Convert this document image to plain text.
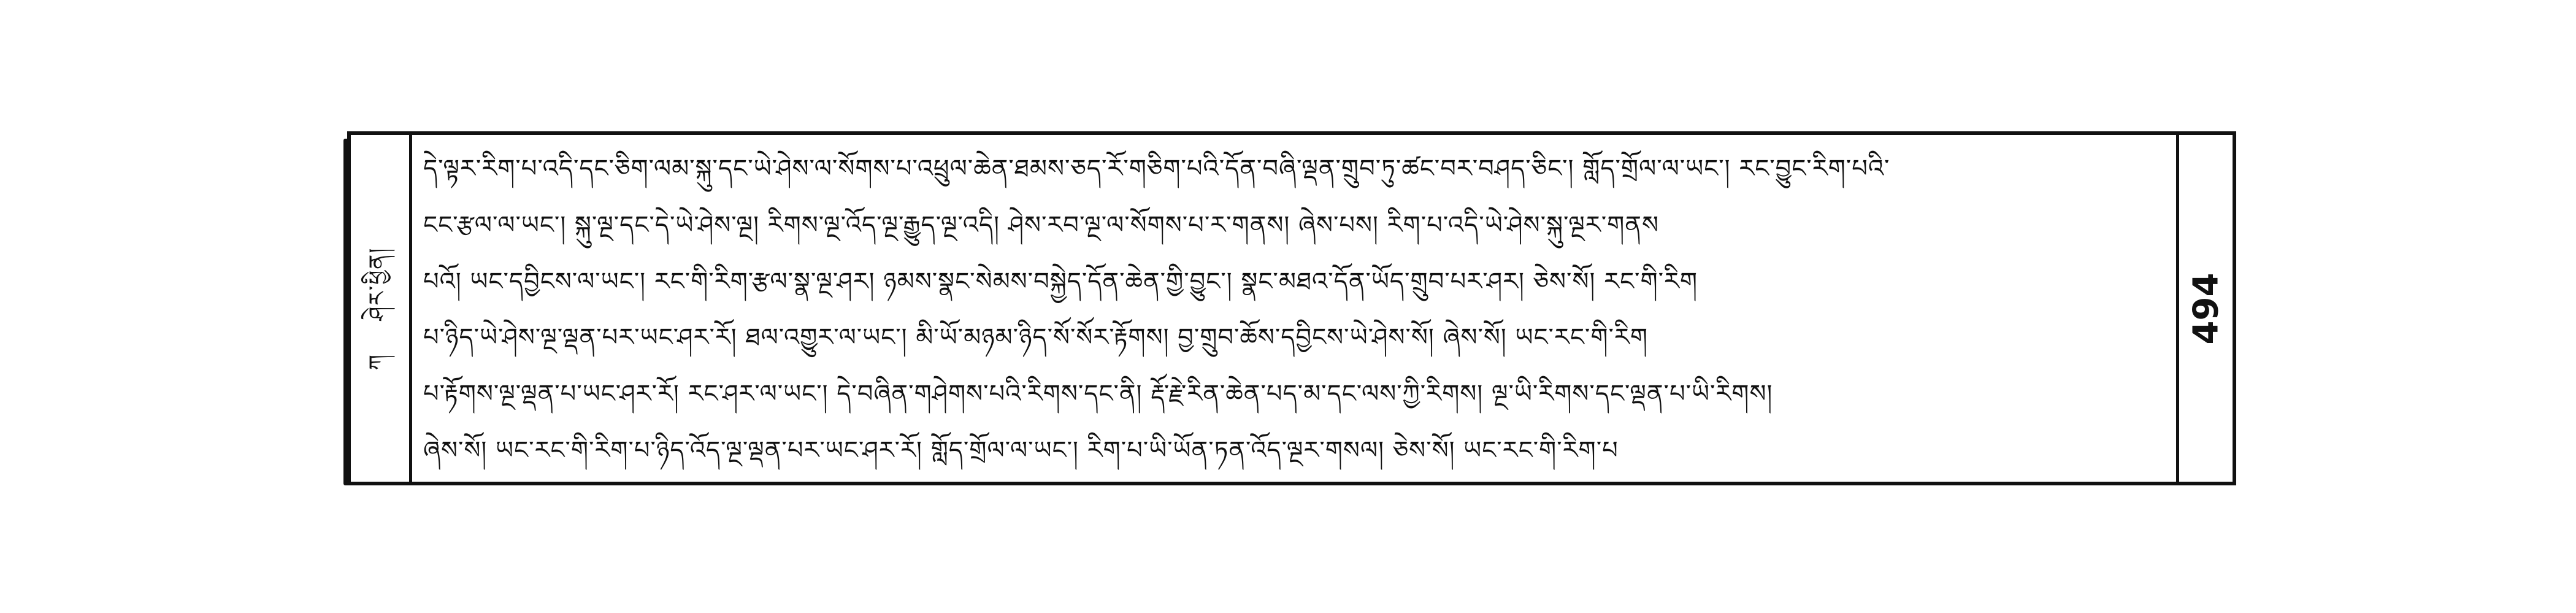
ཀ ཤེར་ཕྱིན།	494
དེ་ལྟར་རིག་པ་འདི་དང་ཅིག་ལམ་སྐུ་དང་ཡེ་ཤེས་ལ་སོགས་པ་འཕྲུལ་ཆེན་ཐམས་ཅད་རོ་གཅིག་པའི་དོན་བཞི་ལྡན་གྲུབ་ཏུ་ཚང་བར་བཤད་ཅིང་། གློད་གྲོལ་ལ་ཡང་། རང་བྱུང་རིག་པའི་
ངང་རྩལ་ལ་ཡང་། སྐུ་ལྔ་དང་དེ་ཡེ་ཤེས་ལྔ། རིགས་ལྔ་འོད་ལྔ་རྒྱུད་ལྔ་འདི། ཤེས་རབ་ལྔ་ལ་སོགས་པ་ར་གནས། ཞེས་པས། རིག་པ་འདི་ཡེ་ཤེས་སྐུ་ལྔར་གནས
པའོ། ཡང་དབྱིངས་ལ་ཡང་། རང་གི་རིག་རྩལ་སྣ་ལྔ་ཤར། ཉམས་སྣང་སེམས་བསྐྱེད་དོན་ཆེན་གྱི་བྱུང་། སྣང་མཐའ་དོན་ཡོད་གྲུབ་པར་ཤར། ཅེས་སོ། རང་གི་རིག
པ་ཉིད་ཡེ་ཤེས་ལྔ་ལྡན་པར་ཡང་ཤར་རོ། ཐལ་འགྱུར་ལ་ཡང་། མི་ཡོ་མཉམ་ཉིད་སོ་སོར་རྟོགས། བྱ་གྲུབ་ཆོས་དབྱིངས་ཡེ་ཤེས་སོ། ཞེས་སོ། ཡང་རང་གི་རིག
པ་རྟོགས་ལྔ་ལྡན་པ་ཡང་ཤར་རོ། རང་ཤར་ལ་ཡང་། དེ་བཞིན་གཤེགས་པའི་རིགས་དང་ནི། རྡོ་རྗེ་རིན་ཆེན་པད་མ་དང་ལས་ཀྱི་རིགས། ལྔ་ཡི་རིགས་དང་ལྡན་པ་ཡི་རིགས།
ཞེས་སོ། ཡང་རང་གི་རིག་པ་ཉིད་འོད་ལྔ་ལྡན་པར་ཡང་ཤར་རོ། གློད་གྲོལ་ལ་ཡང་། རིག་པ་ཡི་ཡོན་ཏན་འོད་ལྔར་གསལ། ཅེས་སོ། ཡང་རང་གི་རིག་པ
